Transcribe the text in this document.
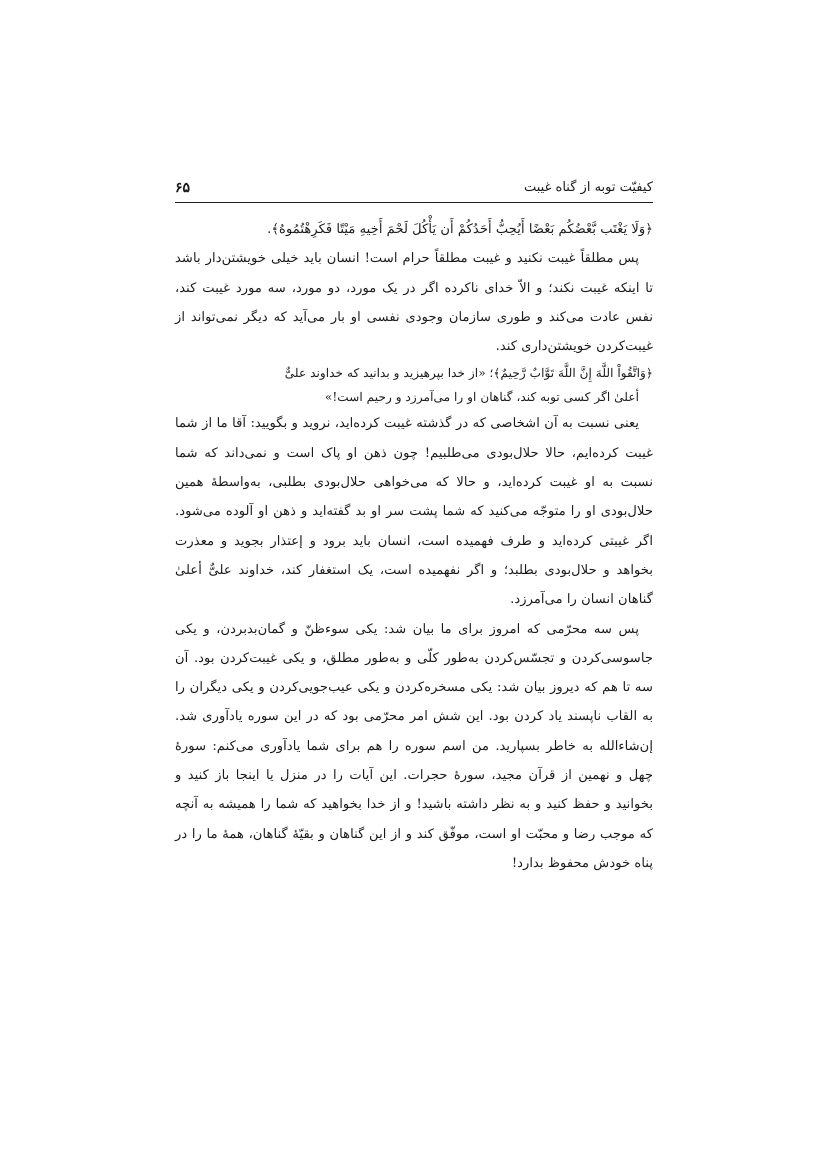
کیفیّت توبه از گناه غیبت
۶۵

﴿وَلَا يَغْتَب بَّعْضُكُم بَعْضًا أَيُحِبُّ أَحَدُكُمْ أَن يَأْكُلَ لَحْمَ أَخِيهِ مَيْتًا فَكَرِهْتُمُوهُ﴾.

پس مطلقاً غیبت نکنید و غیبت مطلقاً حرام است! انسان باید خیلی خویشتن‌دار باشد تا اینکه غیبت نکند؛ و الاّ خدای ناکرده اگر در یک مورد، دو مورد، سه مورد غیبت کند، نفس عادت می‌کند و طوری سازمان وجودی نفسی او بار می‌آید که دیگر نمی‌تواند از غیبت‌کردن خویشتن‌داری کند.

﴿وَاتَّقُواْ اللَّهَ إِنَّ اللَّهَ تَوَّابٌ رَّحِيمٌ﴾؛ «از خدا بپرهیزید و بدانید که خداوند علیٌّ
أعلیٰ اگر کسی توبه کند، گناهان او را می‌آمرزد و رحیم است!»

یعنی نسبت به آن اشخاصی که در گذشته غیبت کرده‌اید، نروید و بگویید: آقا ما از شما غیبت کرده‌ایم، حالا حلال‌بودی می‌طلبیم! چون ذهن او پاک است و نمی‌داند که شما نسبت به او غیبت کرده‌اید، و حالا که می‌خواهی حلال‌بودی بطلبی، به‌واسطهٔ همین حلال‌بودی او را متوجّه می‌کنید که شما پشت سر او بد گفته‌اید و ذهن او آلوده می‌شود. اگر غیبتی کرده‌اید و طرف فهمیده است، انسان باید برود و إعتذار بجوید و معذرت بخواهد و حلال‌بودی بطلبد؛ و اگر نفهمیده است، یک استغفار کند، خداوند علیٌّ أعلیٰ گناهان انسان را می‌آمرزد.

پس سه محرّمی که امروز برای ما بیان شد: یکی سوءظنّ و گمان‌بدبردن، و یکی جاسوسی‌کردن و تجسّس‌کردن به‌طور کلّی و به‌طور مطلق، و یکی غیبت‌کردن بود. آن سه تا هم که دیروز بیان شد: یکی مسخره‌کردن و یکی عیب‌جویی‌کردن و یکی دیگران را به القاب ناپسند یاد کردن بود. این شش امر محرّمی بود که در این سوره یادآوری شد. إن‌شاءالله به خاطر بسپارید. من اسم سوره را هم برای شما یادآوری می‌کنم: سورهٔ چهل و نهمین از قرآن مجید، سورهٔ حجرات. این آیات را در منزل یا اینجا باز کنید و بخوانید و حفظ کنید و به نظر داشته باشید! و از خدا بخواهید که شما را همیشه به آنچه که موجب رضا و محبّت او است، موفّق کند و از این گناهان و بقیّهٔ گناهان، همهٔ ما را در پناه خودش محفوظ بدارد!
